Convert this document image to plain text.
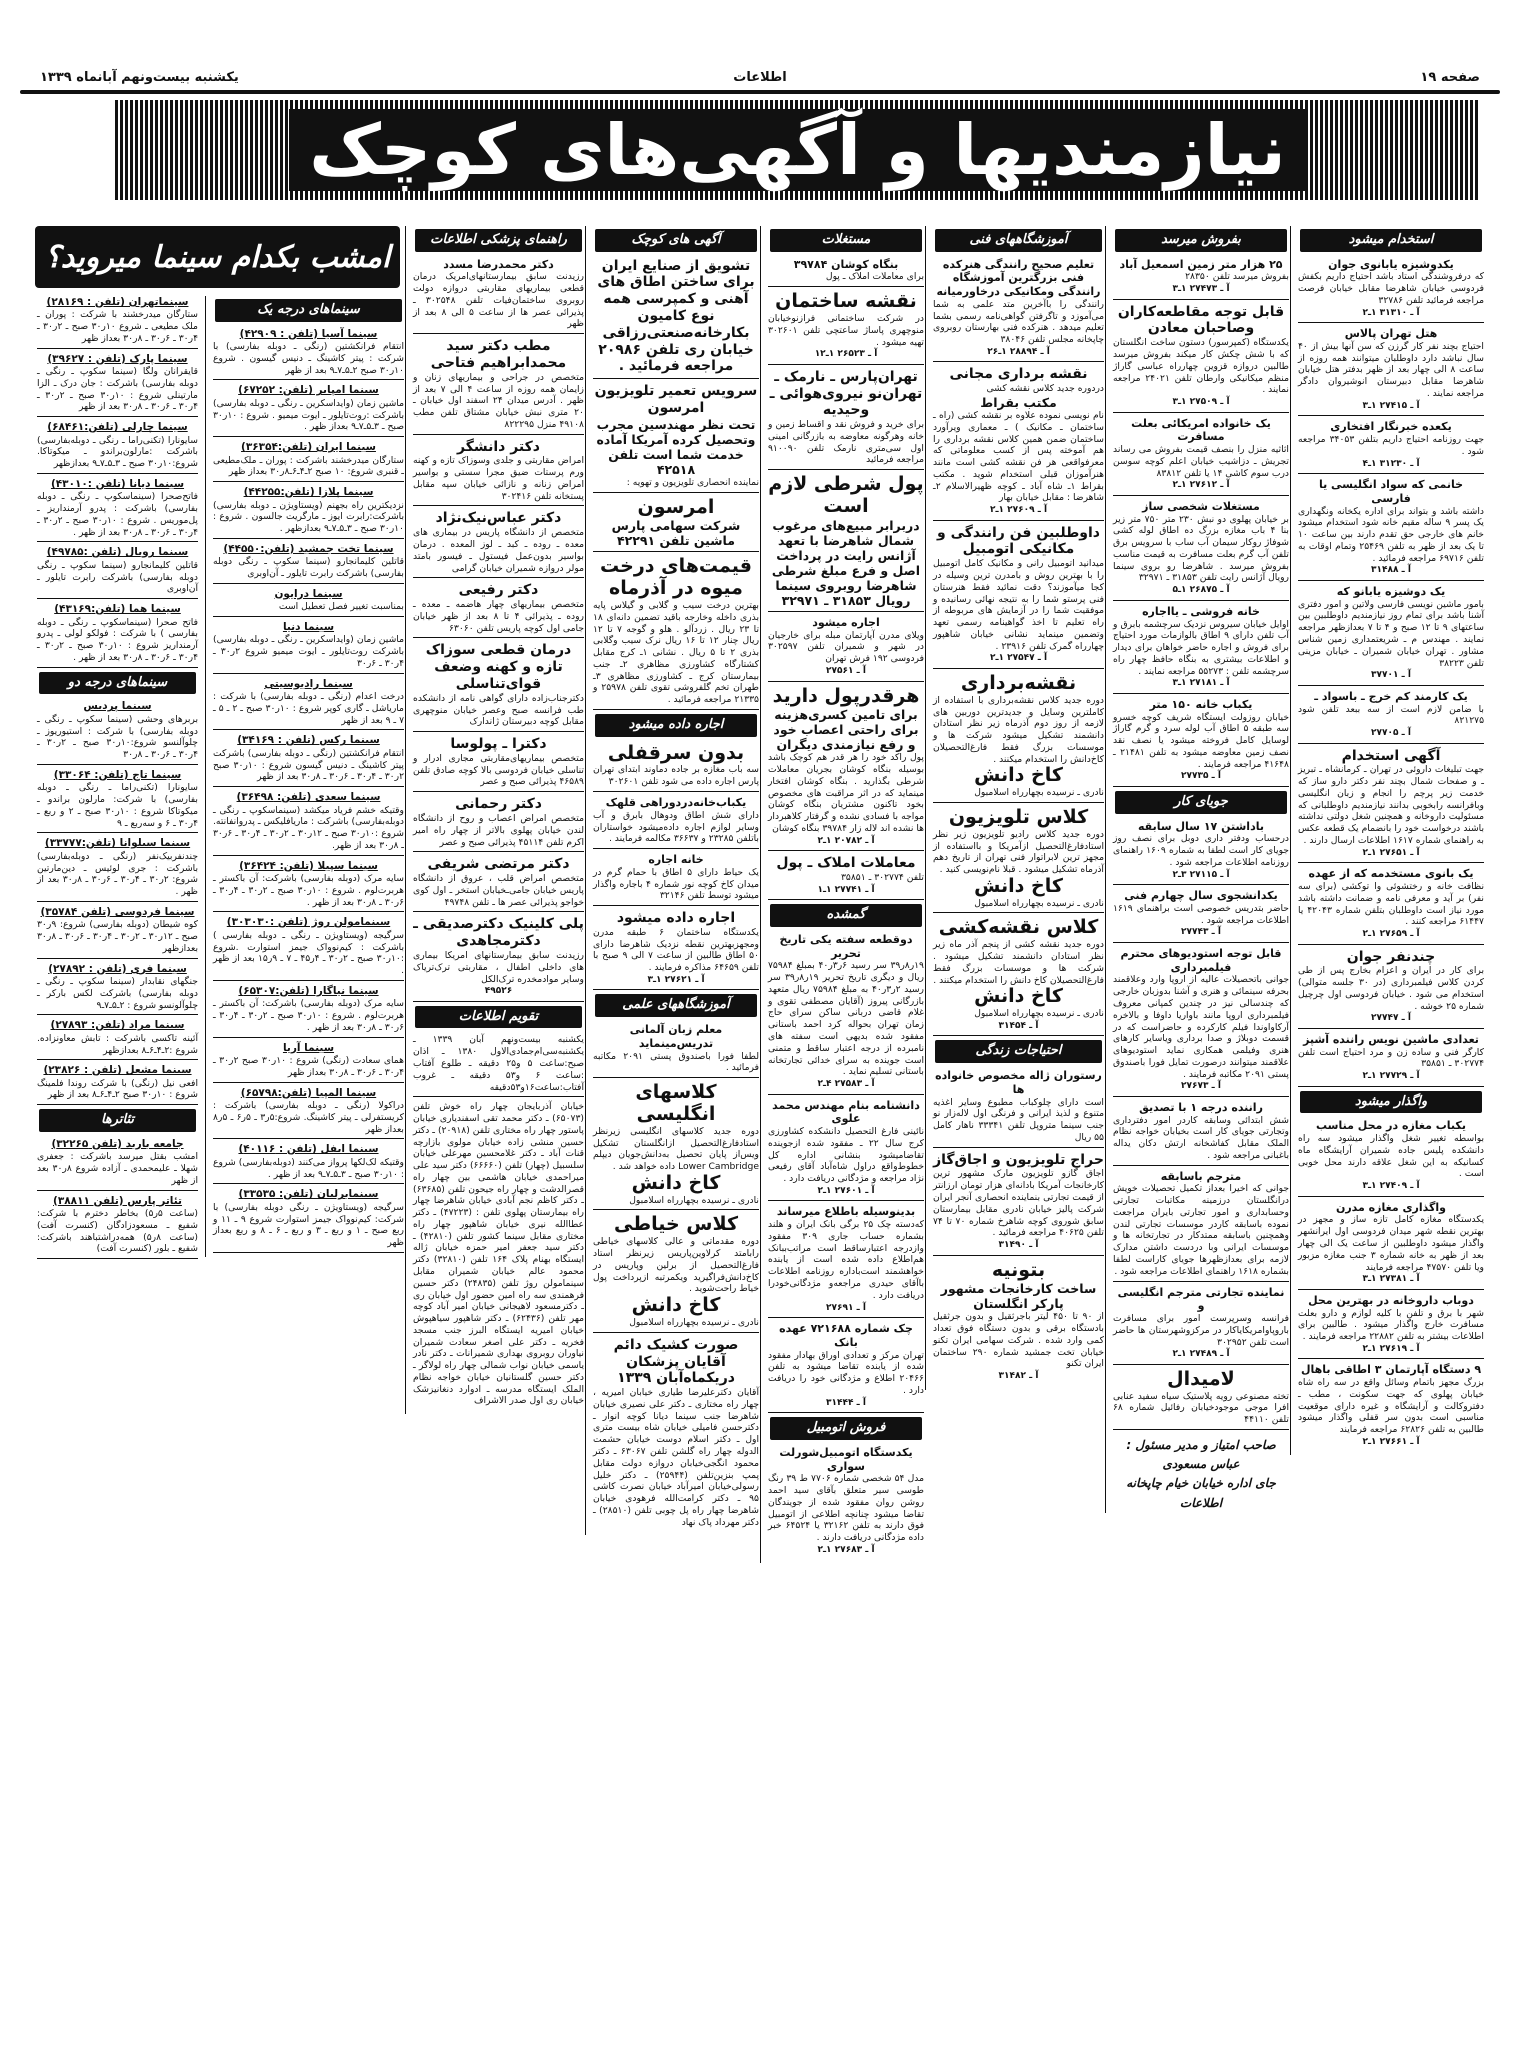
صفحه ۱۹
اطلاعات
یکشنبه بیست‌ونهم آبانماه ۱۳۳۹
نیازمندیها و آگهی‌های کوچک
امشب بکدام سینما میروید؟	استخدام میشود
یکدوشیزه یابانوی جوان
که درفروشندگی استاد باشد احتیاج داریم بکفش فردوسی خیابان شاهرضا مقابل خیابان فرصت مراجعه فرمائید تلفن ۳۲۷۸۶
آ ـ ۳۱۳۱۰ ۱ـ۲
هتل تهران پالاس
احتیاج بچند نفر کار گرزن که سن آنها بیش از ۴۰ سال نباشد دارد داوطلبان میتوانند همه روزه از ساعت ۸ الی چهار بعد از ظهر بدفتر هتل خیابان شاهرضا مقابل دبیرستان انوشیروان دادگر مراجعه نمایند .
آ ـ ۲۷۴۱۵ ۱ـ۳
یکعده خبرنگار افتخاری
جهت روزنامه احتیاج داریم بتلفن ۳۴۰۵۳ مراجعه شود .
آ ـ ۳۱۲۳۰ ۱ـ۴
خانمی که سواد انگلیسی یا فارسی
داشته باشد و بتواند برای اداره یکخانه ونگهداری یک پسر ۹ ساله مقیم خانه شود استخدام میشود خانم های خارجی حق تقدم دارند بین ساعت ۱۰ تا یک بعد از ظهر به تلفن ۲۵۴۶۹ وتمام اوقات به تلفن ۶۹۷۱۶ مراجعه فرمائید .
آ ـ ۳۱۴۸۸
یک دوشیزه یابانو که
بامور ماشین نویسی فارسی ولاتین و امور دفتری آشنا باشد برای تمام روز نیازمندیم داوطلبین بین ساعتهای ۹ تا ۱۲ صبح و ۴ تا ۷ بعدازظهر مراجعه نمایند . مهندس م ـ شریعتمداری زمین شناس مشاور . تهران خیابان شمیران ـ خیابان مزینی تلفن ۳۸۲۲۳
آ ـ ۳۷۷۰۱
یک کارمند کم خرج ـ باسواد ـ
با ضامن لازم است از سه ببعد تلفن شود ۸۲۱۲۷۵
آ ـ ۲۷۷۰۵
آگهی استخدام
جهت تبلیغات داروئی در تهران ـ کرمانشاه ـ تبریز ـ و صفحات شمال بچند نفر دکتر دارو ساز که خدمت زیر پرچم را انجام و زبان انگلیسی وبافرانسه رابخوبی بدانند نیازمندیم داوطلبانی که مسئولیت داروخانه و همچنین شغل دولتی نداشته باشند درخواست خود را بانضمام یک قطعه عکس به راهنمای شماره ۱۶۱۷ اطلاعات ارسال دارند .
آ ـ ۲۷۶۵۱ ۱ـ۲
یک بانوی مستخدمه که از عهده
نظافت خانه و رختشوئی وا توکشی (برای سه نفر) بر آید و معرفی نامه و ضمانت داشته باشد مورد نیاز است داوطلبان بتلفن شماره ۴۲۰۴۳ یا ۶۱۴۴۷ مراجعه کنند .
آ ـ ۲۷۶۵۹ ۱ـ۲
چندنفر جوان
برای کار در ایران و اعزام بخارج پس از طی کردن کلاس فیلمبرداری (در ۳۰ جلسه متوالی) استخدام می شود . خیابان فردوسی اول چرچیل شماره ۲۵ خوشه .
آ ـ ۲۷۷۴۷
تعدادی ماشین نویس راننده آشپز
کارگر فنی و ساده زن و مرد احتیاج است تلفن ۳۰۲۷۷۴ ـ ۳۵۸۵۱
آ ـ ۲۷۷۲۹ ۱ـ۲
واگذار میشود
یکباب مغازه در محل مناسب
بواسطه تغییر شغل واگذار میشود سه راه دانشکده پلیس جاده شمیران آرایشگاه ماه کسانیکه به این شغل علاقه دارند محل خوبی است .
آ ـ ۲۷۴۰۹ ۱ـ۳
واگذاری مغازه مدرن
یکدستگاه مغازه کامل تازه ساز و مجهز در بهترین نقطه شهر میدان فردوسی اول ایرانشهر واگذار میشود داوطلبین از ساعت یک الی چهار بعد از ظهر به خانه شماره ۳ جنب مغازه مزبور ویا تلفن ۴۷۵۷۰ مراجعه فرمایند
آ ـ ۲۷۳۸۱ ۱ـ۳
دوباب داروخانه در بهترین محل
شهر با برق و تلفن با کلیه لوازم و دارو بعلت مسافرت خارج واگذار میشود . طالبین برای اطلاعات بیشتر به تلفن ۲۲۸۸۲ مراجعه فرمایند .
آ ـ ۲۷۶۱۹ ۱ـ۲
۹ دستگاه آپارتمان ۳ اطاقی باهال
بزرگ مجهز باتمام وسائل واقع در سه راه شاه خیابان پهلوی که جهت سکونت ، مطب ـ دفتروکالت و آرایشگاه و غیره دارای موقعیت مناسبی است بدون سر قفلی واگذار میشود طالبین به تلفن ۶۲۸۲۶ مراجعه فرمایند
آ ـ ۲۷۶۶۱ ۱ـ۲
بفروش میرسد
۲۵ هزار متر زمین اسمعیل آباد
بفروش میرسد تلفن ۲۸۳۵۰
آ ـ ۲۷۴۷۳ ۱ـ۳
قابل توجه مقاطعه‌کاران وصاحبان معادن
یکدستگاه (کمپرسور) دستون ساخت انگلستان که با شش چکش کار میکند بفروش میرسد طالبین دروازه قزوین چهارراه عباسی گاراژ منظم میکانیکی وارطان تلفن ۲۴۰۲۱ مراجعه نمایند .
آ ـ ۲۷۵۰۹ ۱ـ۳
یک خانواده امریکائی بعلت مسافرت
اثاثیه منزل را بنصف قیمت بفروش می رساند تجریش ـ دزاشیب خیابان اعلم کوچه سوسن درب سوم کاشی ۱۴ یا تلفن ۸۳۸۱۲
آ ـ ۲۷۶۱۲ ۱ـ۲
مستغلات شخصی ساز
بر خیابان پهلوی دو نبش ۲۳۰ متر ۷۵۰ متر زیر بنا ۴ باب مغازه بزرگ ده اطاق لوله کشی شوفاژ روکار سیمان آب ساب با سرویس برق تلفن آب گرم بعلت مسافرت به قیمت مناسب بفروش میرسد . شاهرضا رو بروی سینما رویال آژانس رایت تلفن ۳۱۸۵۳ ـ ۳۲۹۷۱
آ ـ ۲۶۸۷۵ ۱ـ۵
خانه فروشی ـ یااجاره
اوایل خیابان سیروس نزدیک سرچشمه بابرق و آب تلفن دارای ۹ اطاق بالوازمات مورد احتیاج برای فروش و اجاره حاضر خواهان برای دیدار و اطلاعات بیشتری به بنگاه حافظ چهار راه سرچشمه تلفن : ۵۵۲۷۳ مراجعه نمایند .
آ ـ ۲۷۱۸۱ ۱ـ۳
یکباب خانه ۱۵۰ متر
خیابان روزولت ایستگاه شریف کوچه خسرو سه طبقه ۵ اطاق آب لوله سرد و گرم گاراژ لوسایل کامل فروخته میشود یا نصف نقد نصف زمین معاوضه میشود به تلفن ۲۱۴۸۱ ـ ۴۱۶۴۸ مراجعه فرمایند .
آ ـ ۲۷۷۳۵
جویای کار
باداشتن ۱۷ سال سابقه
درحساب ودفتر داری دوبل برای نصف روز جویای کار است لطفا به شماره ۱۶۰۹ راهنمای روزنامه اطلاعات مراجعه شود .
آ ـ ۲۷۱۱۵ ۳ـ۲
یکدانشجوی سال چهارم فنی
حاضر بتدریس خصوصی است براهنمای ۱۶۱۹ اطلاعات مراجعه شود .
آ ـ ۲۷۷۴۳
قابل توجه استودیوهای محترم فیلمبرداری
جوانی باتحصیلات عالیه از اروپا وارد وعلاقمند بحرفه سینمائی و هنری و آشنا بدوزبان خارجی که چندسالی نیز در چندین کمپانی معروف فیلمبرداری اروپا مانند باواریا داوفا و بالاخره آرکاواوندا فیلم کارکرده و حاضراست که در قسمت دوبلاژ و صدا برداری ویاسایر کارهای هنری وفیلمی همکاری نماید استودیوهای علاقمند میتوانند درصورت تمایل فورا باصندوق پستی ۲۰۹۱ مکاتبه فرمایند .
آ ـ ۲۷۶۷۳
راننده درجه ۱ با تصدیق
شش ابتدائی وسابقه کاردر امور دفترداری وتجارتی جویای کار است بخیابان خواجه نظام الملک مقابل کفاشخانه ارتش دکان یداله باغبانی مراجعه شود .
مترجم باسابقه
جوانی که اخیرا بعداز تکمیل تحصیلات خویش درانگلستان درزمینه مکاتبات تجارتی وحسابداری و امور تجارتی بایران مراجعت نموده باسابقه کاردر موسسات تجارتی لندن وهمچنین باسابقه ممتدکار در تجارتخانه ها و موسسات ایرانی وبا دردست داشتن مدارک لازمه برای بعدازظهرها جویای کاراست لطفا بشماره ۱۶۱۸ راهنمای اطلاعات مراجعه شود .
نماینده تجارتی مترجم انگلیسی و
فرانسه وسرپرست امور برای مسافرت باروپاوامریکایاکار در مرکزوشهرستان ها حاضر است تلفن ۳۰۲۹۵۲
آ ـ ۲۷۴۸۹ ۱ـ۲
لامیدال
تخته مصنوعی رویه پلاستیک سیاه سفید عنابی افرا موجی موجودخیابان رفائیل شماره ۶۸ تلفن ۴۴۱۱۰
صاحب امتیاز و مدیر مسئول : عباس مسعودی
جای اداره خیابان خیام چاپخانه اطلاعات
آموزشگاههای فنی
تعلیم صحیح رانندگی هنرکده فنی بزرگترین آموزشگاه رانندگی ومکانیکی درخاورمیانه
رانندگی را باآخرین متد علمی به شما می‌آموزد و تاگرفتن گواهی‌نامه رسمی بشما تعلیم میدهد . هنرکده فنی بهارستان روبروی چاپخانه مجلس تلفن ۳۸۰۴۶
آ ـ ۲۸۸۹۴ ۱ـ۲۶
نقشه برداری مجانی
دردوره جدید کلاس نقشه کشی
مکتب بقراط
نام نویسی نموده علاوه بر نقشه کشی (راه ـ ساختمان ـ مکانیک ) ـ معماری ویرآورد ساختمان ضمن همین کلاس نقشه برداری را هم آموخته پس از کسب معلوماتی که معرفواقعی هر فن نقشه کشی است مانند هنرآموزان قبلی استخدام شوید . مکتب بقراط ۱ـ شاه آباد ـ کوچه ظهیرالاسلام ۲ـ شاهرضا : مقابل خیابان بهار
آ ـ ۲۷۶۰۹ ۱ـ۲
داوطلبین فن رانندگی و مکانیکی اتومبیل
میدانید اتومبیل رانی و مکانیک کامل اتومبیل را با بهترین روش و بامدرن ترین وسیله در کجا میآموزند؟ دقت نمائید فقط هنرستان فنی پرستو شما را به نتیجه نهائی رسانیده و موفقیت شما را در آزمایش های مربوطه از راه تعلیم تا اخذ گواهینامه رسمی تعهد وتضمین مینماید نشانی خیابان شاهپور چهارراه گمرک تلفن ۲۳۹۱۶ .
آ ـ ۲۷۵۴۷ ۱ـ۲
نقشه‌برداری
دوره جدید کلاس نقشه‌برداری با استفاده از کاملترین وسایل و جدیدترین دوربین های لازمه از روز دوم آذرماه زیر نظر استادان دانشمند تشکیل میشود شرکت ها و موسسات بزرگ فقط فارغ‌التحصیلان کاخ‌دانش را استخدام میکنند .
کاخ دانش
نادری ـ نرسیده بچهارراه اسلامبول
کلاس تلویزیون
دوره جدید کلاس رادیو تلویزیون زیر نظر استادفارغ‌التحصیل ازآمریکا و بااستفاده از مجهز ترین لابراتوار فنی تهران از تاریخ دهم آذرماه تشکیل میشود . قبلا نام‌نویسی کنید .
کاخ دانش
نادری ـ نرسیده بچهارراه اسلامبول
کلاس نقشه‌کشی
دوره جدید نقشه کشی از پنجم آذر ماه زیر نظر استادان دانشمند تشکیل میشود . شرکت ها و موسسات بزرگ فقط فارغ‌التحصیلان کاخ دانش را استخدام میکنند .
کاخ دانش
نادری ـ نرسیده بچهارراه اسلامبول
آ ـ ۳۱۴۵۴
احتیاجات زندگی
رستوران ژاله مخصوص خانواده ها
است دارای چلوکباب مطبوع وسایر اغذیه متنوع و لذیذ ایرانی و فرنگی اول لاله‌زار نو جنب سینما متروپل تلفن ۳۳۳۴۱ ناهار کامل ۵۵ ریال
حراج تلویزیون و اجاق‌گاز
اجاق گازو تلویزیون مارک مشهور ترین کارخانجات آمریکا بادانه‌ای هزار تومان ارزانتر از قیمت تجارتی بنماینده انحصاری آنجر ایران شرکت پالیز خیابان نادری مقابل بیمارستان سابق شوروی کوچه شاهرخ شماره ۷۰ تا ۷۴ تلفن ۴۰۶۲۵ مراجعه فرمائید .
آ ـ ۳۱۴۹۰
بتونیه
ساخت کارخانجات مشهور پارکر انگلستان
از ۹۰ تا ۴۵۰ لیتر باجرثقیل و بدون جرثقیل بادستگاه برقی و بدون دستگاه فوق تعداد کمی وارد شده . شرکت سهامی ایران تکنو خیابان تخت جمشید شماره ۲۹۰ ساختمان ایران تکنو
آ ـ ۳۱۴۸۲
مستغلات
بنگاه کوشان ۳۹۷۸۴
برای معاملات املاک ـ پول
نقشه ساختمان
در شرکت ساختمانی فرازنوخیابان منوچهری پاساژ ساعتچی تلفن ۳۰۲۶۰۱ تهیه میشود .
آ ـ ۲۶۵۲۳ ۱ـ۱۲
تهران‌پارس ـ نارمک ـ تهران‌نو نیروی‌هوائی ـ وحیدیه
برای خرید و فروش نقد و اقساط زمین و خانه وهرگونه معاوضه به بازرگانی امینی اول سی‌متری نارمک تلفن ۹۱۰۰۹۰ مراجعه فرمائید
پول شرطی لازم است
دربرابر مبیع‌های مرغوب شمال شاهرضا با تعهد آژانس رایت در پرداخت اصل و فرع مبلغ شرطی شاهرضا روبروی سینما رویال ۳۱۸۵۳ ـ ۳۲۹۷۱
اجاره میشود
ویلای مدرن آپارتمان مبله برای خارجیان در شهر و شمیران تلفن ۳۰۲۵۹۷ فردوسی ۱۹۲ فرش تهران
آ ـ ۲۷۵۶۱
هرقدرپول دارید
برای تامین کسری‌هزینه برای راحتی اعصاب خود و رفع نیازمندی دیگران
پول راکد خود را هر قدر هم کوچک باشد بوسیله بنگاه کوشان بجریان معاملات شرطی بگذارید . بنگاه کوشان افتخار مینماید که در اثر مراقبت های مخصوص بخود تاکنون مشتریان بنگاه کوشان مواجه با فسادی نشده و گرفتار کلاهبردار ها نشده اند لاله زار ۳۹۷۸۴ بنگاه کوشان
آ ـ ۲۰۷۸۲ ۱ـ۲
معاملات املاک ـ پول
تلفن ۳۰۲۷۷۴ ـ ۳۵۸۵۱
آ ـ ۲۷۷۴۱ ۱ـ۱
گمشده
دوقطعه سفته یکی تاریخ تحریر
۱۹ر۸ر۳۹ سر رسید ۶ر۳ر۴۰ بمبلغ ۷۵۹۸۴ ریال و دیگری تاریخ تحریر ۱۹ر۸ر۳۹ سر رسید ۲ر۳ر۴۰ به مبلغ ۷۵۹۸۴ ریال متعهد بازرگانی پیروز (آقایان مصطفی تقوی و غلام قاضی دربانی ساکن سرای حاج زمان تهران بحواله کرد احمد باستانی مفقود شده بدیهی است سفته های نامبرده از درجه اعتبار ساقط و متمنی است جوینده به سرای خدائی تجارتخانه باستانی تسلیم نماید .
آ ـ ۲۷۵۸۳ ۴ـ۲
دانشنامه بنام مهندس محمد علوی
نائینی فارغ التحصیل دانشکده کشاورزی کرج سال ۲۲ ـ مفقود شده ازجوینده تقاضامیشود بنشانی اداره کل خطوط‌واقع دراول شاه‌آباد آقای رفیعی نژاد مراجعه و مژدگانی دریافت دارد .
آ ـ ۲۷۶۰۱ ۱ـ۲
بدینوسیله باطلاع میرساند
که‌دسته چک ۲۵ برگی بانک ایران و هلند بشماره حساب جاری ۳۰۹ مفقود وازدرجه اعتبارساقط است مراتب‌ببانک هم‌اطلاع داده شده است از یابنده خواهشمند است‌باداره روزنامه اطلاعات باآقای حیدری مراجعه‌و مژدگانی‌خودرا دریافت دارد .
آ ـ ۲۷۶۹۱
چک شماره ۷۲۱۶۸۸ عهده بانک
تهران مرکز و تعدادی اوراق بهادار مفقود شده از یابنده تقاضا میشود به تلفن ۲۰۴۶۶ اطلاع و مژدگانی خود را دریافت دارد .
آ ـ ۳۱۴۴۴
فروش اتومبیل
یکدستگاه اتومبیل‌شورلت سواری
مدل ۵۴ شخصی شماره ۷۷۰۶ ط ۳۹ رنگ طوسی سیر متعلق بآقای سید احمد روشن روان مفقود شده از جویندگان تقاضا میشود چنانچه اطلاعی از اتومبیل فوق دارند به تلفن ۳۲۱۶۲ یا ۶۴۵۲۴ خبر داده مژدگانی دریافت دارند .
آ ـ ۲۷۶۸۳ ۱ـ۲
آگهی های کوچک
تشویق از صنایع ایران برای ساختن اطاق های آهنی و کمپرسی همه نوع کامیون بکارخانه‌صنعتی‌رزاقی خیابان ری تلفن ۲۰۹۸۶ مراجعه فرمائید .
سرویس تعمیر تلویزیون امرسون
تحت نظر مهندسین مجرب وتحصیل کرده آمریکا آماده خدمت شما است تلفن ۴۲۵۱۸
نماینده انحصاری تلویزیون و تهویه :
امرسون
شرکت سهامی پارس ماشین تلفن ۴۲۲۹۱
قیمت‌های درخت میوه در آذرماه
بهترین درخت سیب و گلابی و گیلاس پایه بذری داخله وخارجه باقید تضمین دانه‌ای ۱۸ تا ۲۳ ریال . زردآلو . هلو و گوجه ۷ تا ۱۲ ریال چنار ۱۲ تا ۱۶ ریال نرک سیب وگلابی بذری ۲ تا ۵ ریال . نشانی ۱ـ کرج مقابل کشتارگاه کشاورزی مظاهری ۲ـ جنب بیمارستان کرج ـ کشاورزی مظاهری ۳ـ طهران تخم گلفروشی تقوی تلفن ۲۵۹۷۸ و ۲۱۳۳۵ مراجعه فرمائید .
اجاره داده میشود
بدون سرقفلی
سه باب مغازه بر جاده دماوند ابتدای تهران پارس اجاره داده می شود تلفن ۳۰۲۶۰۱
یکباب‌خانه‌دردوراهی قلهک
دارای شش اطاق ودوهال بابرق و آب وسایر لوازم اجاره داده‌میشود خواستاران باتلفن ۲۳۲۸۵ و ۳۶۶۳۷ مکالمه فرمایند .
خانه اجاره
یک حیاط دارای ۵ اطاق با حمام گرم در میدان کاخ کوچه نور شماره ۴ باجاره واگذار میشود توسط تلفن ۳۲۱۴۶
اجاره داده میشود
یکدستگاه ساختمان ۶ طبقه مدرن ومجهزبهترین نقطه نزدیک شاهرضا دارای ۵۰ اطاق طالبین از ساعت ۷ الی ۹ صبح با تلفن ۶۴۶۵۹ مذاکره فرمایند .
آ ـ ۲۷۶۲۱ ۱ـ۳
آموزشگاههای علمی
معلم زبان آلمانی تدریس‌مینماید
لطفا فورا باصندوق پستی ۲۰۹۱ مکاتبه فرمائید .
کلاسهای انگلیسی
دوره جدید کلاسهای انگلیسی زیرنظر استادفارغ‌التحصیل ازانگلستان تشکیل ویس‌از پایان تحصیل به‌دانش‌جویان دیپلم Lower Cambridge داده خواهد شد .
کاخ دانش
نادری ـ نرسیده بچهارراه اسلامبول
کلاس خیاطی
دوره مقدماتی و عالی کلاسهای خیاطی رابامتد کرلاوین‌پاریس زیرنظر استاد فارغ‌التحصیل از برلین وپاریس در کاخ‌دانش‌فراگیرید ویکمرتبه ازپرداخت پول خیاط راحت‌شوید .
کاخ دانش
نادری ـ نرسیده بچهارراه اسلامبول
صورت کشیک دائم آقایان پزشکان دریکماه‌آبان ۱۳۳۹
آقایان دکترعلیرضا طیاری خیابان امیریه ، چهار راه مختاری ـ دکتر علی نصیری خیابان شاهرضا جنب سینما دیانا کوچه انوار ـ دکترحسن فامیلی خیابان شاه بیست متری اول ـ دکتر اسلام دوست خیابان حشمت الدوله چهار راه گلشن تلفن ۶۳۰۶۷ ـ دکتر محمود انگجی‌خیابان دروازه دولت مقابل پمپ بنزین‌تلفن (۲۵۹۴۴) ـ دکتر خلیل رسولی‌خیابان امیرآباد خیابان نصرت کاشی ۹۵ ـ دکتر کرامت‌الله فرهودی خیابان شاهرضا چهار راه پل چوبی تلفن (۲۸۵۱۰) ـ دکتر مهرداد پاک نهاد
راهنمای پزشکی اطلاعات
دکتر محمدرضا مسدد
رزیدنت سابق بیمارستانهای‌امریک درمان قطعی بیماریهای مقاربتی دروازه دولت روبروی ساختمان‌فیات تلفن ۳۰۲۵۴۸ ـ پذیرائی عصر ها از ساعت ۵ الی ۸ بعد از ظهر
مطب دکتر سید محمدابراهیم فتاحی
متخصص در جراحی و بیماریهای زنان و زایمان همه روزه از ساعت ۴ الی ۷ بعد از ظهر . آدرس میدان ۲۴ اسفند اول خیابان ـ ۲۰ متری نبش خیابان مشتاق تلفن مطب ۴۹۱۰۸ منزل ۸۲۲۲۹۵
دکتر دانشگر
امراض مقاربتی و جلدی وسوزاک تازه و کهنه ورم پرستات ضیق مجرا سستی و بواسیر امراض زنانه و نازائی خیابان سپه مقابل پستخانه تلفن ۳۰۲۴۱۶
دکتر عباس‌نیک‌نژاد
متخصص از دانشگاه پاریس در بیماری های معده ـ روده ـ کبد ـ لوز المعده . درمان بواسیر بدون‌عمل فیستول ـ فیسور بامتد مولر دروازه شمیران خیابان گرامی
دکتر رفیعی
متخصص بیماریهای چهار هاضمه ـ معده ـ روده ـ پذیرائی ۴ تا ۸ بعد از ظهر خیابان جامی اول کوچه پاریس تلفن ۶۳۰۶۰
درمان قطعی سوزاک تازه و کهنه وضعف قوای‌تناسلی
دکترجناب‌زاده دارای گواهی نامه از دانشکده طب فرانسه صبح وعصر خیابان منوچهری مقابل کوچه دبیرستان ژاندارک
دکترا ـ پولوسا
متخصص بیماریهای‌مقاربتی مجاری ادرار و تناسلی خیابان فردوسی بالا کوچه صادق تلفن ۴۶۵۸۹ پذیرائی صبح و عصر
دکتر رحمانی
متخصص امراض اعصاب و روح از دانشگاه لندن خیابان پهلوی بالاتر از چهار راه امیر اکرم تلفن ۴۵۱۱۴ پذیرائی صبح و عصر
دکتر مرتضی شریفی
متخصص امراض قلب ، عروق از دانشگاه پاریس خیابان جامی‌ـخیابان استخر ـ اول کوی خواجو پذیرائی عصر ها ـ تلفن ۴۹۷۴۸
پلی کلینیک دکترصدیقی ـ دکترمجاهدی
رزیدنت سابق بیمارستانهای امریکا بیماری های داخلی اطفال ، مقاربتی ترک‌تریاک وسایر موادمخدره ترک‌الکل
۴۹۵۲۶
تقویم اطلاعات
یکشنبه بیست‌ونهم آبان ۱۳۳۹ ـ یکشنبه‌سی‌ام‌جمادی‌الاول ۱۳۸۰ ـ اذان صبح:ساعت ۵ و۲۵ دقیقه ـ طلوع آفتاب :ساعت ۶ و۵۳ دقیقه ـ غروب آفتاب:ساعت۱۶و۵۳دقیقه
خیابان آذربایجان چهار راه خوش تلفن (۶۵۰۷۳) ـ دکتر محمد تقی اسفندیاری خیابان پاستور چهار راه مختاری تلفن (۲۰۹۱۸) ـ دکتر حسین منشی زاده خیابان مولوی بازارچه قنات آباد ـ دکتر غلامحسین مهرعلی خیابان سلسبیل (چهار) تلفن (۶۶۶۶۰) دکتر سید علی میراحمدی خیابان هاشمی بین چهار راه قصرالدشت و چهار راه جیحون تلفن (۶۳۶۸۵) ـ دکتر کاظم نجم آبادی خیابان شاهرضا چهار راه بیمارستان پهلوی تلفن : (۴۷۲۲۳) ـ دکتر عطاالله نیری خیابان شاهپور چهار راه مختاری مقابل سینما کشور تلفن (۴۲۸۱۰) ـ دکتر سید جعفر امیر حمزه خیابان ژاله ایستگاه بهنام پلاک ۱۶۴ تلفن (۳۲۸۱۰) دکتر محمود عالم خیابان شمیران مقابل سینمامولن روژ تلفن (۲۴۸۳۵) دکتر حسین فرهمندی سه راه امین حضور اول خیابان ری ـ دکترمسعود لاهیجانی خیابان امیر آباد کوچه مهر تلفن (۶۲۴۳۶) ـ دکتر شاهپور سیاهپوش خیابان امیریه ایستگاه البرز جنب مسجد فخریه ـ دکتر علی اصغر سعادت شمیران نیاوران روبروی بهداری شمیرانات ـ دکتر نادر یاسمی خیابان نواب شمالی چهار راه لولاگر ـ دکتر حسین گلستانیان خیابان خواجه نظام الملک ایستگاه مدرسه ـ ادوارد دنغانیزشک خیابان ری اول صدر الاشراف
سینماهای درجه یک
سینما آسیا (تلفن : ۴۲۹۰۹)
انتقام فرانکشتین (رنگی ـ دوبله بفارسی) با شرکت : پیتر کاشینگ ـ دنیس گیسون . شروع ۱۰ر۳۰ صبح ۲ـ۵ـ۷ـ۹ بعد از ظهر
سینما امپایر (تلفن: ۶۷۲۵۲)
ماشین زمان (وایداسکرین ـ رنگی ـ دوبله بفارسی) باشرکت :روت‌تایلور ـ ایوت میمیو . شروع : ۱۰ر۳۰ صبح ـ ۳ـ۵ـ۷ـ۹ بعداز ظهر .
سینما ایران (تلفن:۳۶۳۵۴)
ستارگان میدرخشند باشرکت : پوران ـ ملک‌مطیعی ـ قنبری شروع: ۱۰ صبح ۲ـ۴ـ۶ـ۸ر۳۰ بعداز ظهر
سینما پلازا (تلفن:۴۴۲۵۵)
نزدیکترین راه بجهنم (ویستاویژن ـ دوبله بفارسی) باشرکت:رابرت ایوز ـ مارگریت جالسون . شروع : ۱۰ر۳۰ صبح ـ ۳ـ۵ـ۷ـ۹ بعدازظهر .
سینما تخت جمشید (تلفن:۴۴۵۵۰)
قاتلین کلیمانجارو (سینما سکوپ ـ رنگی دوبله بفارسی) باشرکت رابرت تایلور ـ آن‌اوبری
سینما درایون
بمناسبت تغییر فصل تعطیل است
سینما دنیا
ماشین زمان (وایداسکرین ـ رنگی ـ دوبله بفارسی) باشرکت روت‌تایلور ـ ایوت میمیو شروع ۲ر۳۰ ـ ۴ر۳۰ ـ ۶ر۳۰
سینما رادیوسیتی
درخت اعدام (رنگی ـ دوبله بفارسی) با شرکت : ماریاشل ـ گاری کوپر شروع : ۱۰ر۳۰ صبح ـ ۲ ـ ۵ ـ ۷ ـ ۹ بعد از ظهر
سینما رکس (تلفن : ۳۴۱۶۹)
انتقام فرانکشتین (رنگی ـ دوبله بفارسی) باشرکت پیتر کاشینگ ـ دنیس گیسون شروع : ۱۰ر۳۰ صبح ۲ر۳۰ ـ ۴ر۳۰ ـ ۶ر۳۰ ـ ۸ر۳۰ بعد از ظهر
سینما سعدی (تلفن: ۳۶۴۹۸)
وقتیکه خشم فریاد میکشد (سینماسکوپ ـ رنگی ـ دوبله‌بفارسی) باشرکت : ماریافلیکس ـ پدروانفانته. شروع :۱۰ر۳۰ صبح ـ ۱۲ر۳۰ ـ ۲ر۳۰ ـ ۴ر۳۰ ـ ۶ر۳۰ ـ ۸ر۳۰ بعد از ظهر.
سینما سپیلا (تلفن: ۳۶۴۲۴)
سایه مرک (دوبله بفارسی) باشرکت: آن باکستر ـ هربرت‌لوم . شروع : ۱۰ر۳۰ صبح ـ ۲ر۳۰ ـ ۴ر۳۰ ـ ۶ر۳۰ ـ ۸ر۳۰ بعد از ظهر .
سینمامولن روژ (تلفن :۳۰۳۰۳۰)
سرگیجه (ویستاویژن ـ رنگی ـ دوبله بفارسی ) باشرکت : کیم‌نوواک جیمز استوارت .شروع :۱۰ر۳۰ صبح ـ ۲ر۳۰ ـ ۴ر۴۵ ـ ۷ ـ ۹ر۱۵ بعد از ظهر .
سینما نیاگارا (تلفن:۶۵۳۰۷)
سایه مرک (دوبله بفارسی) باشرکت: آن باکستر ـ هربرت‌لوم . شروع : ۱۰ر۳۰ صبح ـ ۲ر۳۰ ـ ۴ر۳۰ ـ ۶ر۳۰ ـ ۸ر۳۰ بعد از ظهر .
سینما آریا
همای سعادت (رنگی) شروع : ۱۰ر۳۰ صبح ۲ر۳۰ ـ ۴ر۳۰ ـ ۶ر۳۰ ـ ۸ر۳۰ بعداز ظهر
سینما المپیا (تلفن:۶۵۷۹۸)
دراکولا (رنگی ـ دوبله بفارسی) باشرکت : کریستفرلی ـ پیتر کاشینگ. شروع:۵ر۳ ـ ۵ر۶ ـ ۵ر۸ بعداز ظهر
سینما ایفل (تلفن : ۴۰۱۱۶)
وقتیکه لک‌لکها پرواز می‌کنند (دوبله‌بفارسی) شروع : ۱۰ر۳۰ صبح ـ ۳ـ۵ـ۷ـ۹ بعد از ظهر .
سینمابرلیان (تلفن: ۳۳۵۳۵)
سرگیجه (ویستاویژن ـ رنگی دوبله بفارسی) با شرکت: کیم‌نوواک جیمز استوارت شروع ۹ ـ ۱۱ و ربع صبح ـ ۱ و ربع ـ ۳ و ربع ـ ۶ ـ ۸ و ربع بعداز ظهر
سینماتهران (تلفن : ۲۸۱۶۹)
ستارگان میدرخشند با شرکت : پوران ـ ملک مطیعی ـ شروع ۱۰ر۳۰ صبح ـ ۲ر۳۰ ـ ۴ر۳۰ ـ ۶ر۳۰ ـ ۸ر۳۰ بعداز ظهر
سینما پارک (تلفن : ۳۹۶۲۷)
قایقرانان ولگا (سینما سکوپ ـ رنگی ـ دوبله بفارسی) باشرکت : جان درک ـ الزا مارتینلی شروع : ۱۰ر۳۰ صبح ـ ۲ر۳۰ ـ ۴ر۳۰ ـ ۶ر۳۰ ـ ۸ر۳۰ بعد از ظهر
سینما چارلی (تلفن:۶۸۴۶۱)
سایونارا (تکنی‌راما ـ رنگی ـ دوبله‌بفارسی) باشرکت :مارلون‌براندو ـ میکوتاکا. شروع:۱۰ر۳۰ صبح ـ ۳ـ۵ـ۷ـ۹ بعدازظهر
سینما دیانا (تلفن :۴۳۰۱۰)
فاتح‌صحرا (سینماسکوپ ـ رنگی ـ دوبله بفارسی) باشرکت : پدرو آرمنداریز ـ پل‌موریس . شروع : ۱۰ر۳۰ صبح ـ ۲ر۳۰ ـ ۴ر۳۰ ـ ۶ر۳۰ ـ ۸ر۳۰ بعد از ظهر .
سینما رویال (تلفن :۴۹۷۸۵)
قاتلین کلیمانجارو (سینما سکوپ ـ رنگی دوبله بفارسی) باشرکت رابرت تایلور ـ آن‌اوبری
سینما هما (تلفن:۴۳۱۶۹)
فاتح صحرا (سینماسکوپ ـ رنگی ـ دوبله بفارسی ) با شرکت : فولکو لولی ـ پدرو آرمنداریز شروع : ۱۰ر۳۰ صبح ـ ۲ر۳۰ ـ ۴ر۳۰ ـ ۶ر۳۰ ـ ۸ر۳۰ بعد از ظهر .
سینماهای درجه دو
سینما پردیس
بربرهای وحشی (سینما سکوپ ـ رنگی ـ دوبله بفارسی) با شرکت : استیوریوز ـ چلوآلنسو شروع:۱۰ر۳۰ صبح ـ ۲ر۳۰ ـ ۴ر۳۰ ـ ۶ر۳۰ ـ ۸ر۳۰
سینما تاج (تلفن: ۳۳۰۶۴)
سایونارا (تکنی‌راما ـ رنگی ـ دوبله بفارسی) با شرکت: مارلون براندو ـ میکوتاکا شروع : ۱۰ر۳۰ صبح ـ ۲ و ربع ـ ۴ر۳۰ ـ ۶ و سه‌ربع ـ ۹
سینما سیلوانا (تلفن:۳۳۷۷۷)
چندنفربیک‌نفر (رنگی ـ دوبله‌بفارسی) باشرکت : جری لوئیس ـ دین‌مارتین شروع: ۲ر۳۰ ـ ۴ر۳۰ ـ ۶ر۳۰ ـ ۸ر۳۰ بعد از ظهر .
سینما فردوسی (تلفن ۳۵۷۸۴)
کوه شیطان (دوبله بفارسی) شروع: ۹ر۳۰ صبح ـ ۱۲ر۳۰ ـ ۲ر۳۰ ـ ۴ر۳۰ ـ ۶ر۳۰ ـ ۸ر۳۰ بعدازظهر
سینما فری (تلفن : ۲۷۸۹۲)
جنگهای نقابدار (سینما سکوپ ـ رنگی ـ دوبله بفارسی) باشرکت لکس بارکر ـ چلوآلونسو شروع : ۲ـ۵ـ۷ـ۹
سینما مراد (تلفن: ۲۷۸۹۳)
آئینه تاکسی باشرکت : تابش معاونزاده. شروع :۲ـ۴ـ۶ـ۸ بعدازظهر
سینما مشعل (تلفن : ۲۳۸۲۶)
افعی نیل (رنگی) با شرکت روندا فلمینگ شروع : ۱۰ر۳۰ صبح ۲ـ۴ـ۶ـ۸ بعد از ظهر
تئاترها
جامعه باربد (تلفن ۳۲۲۶۵)
امشب بقتل میرسد باشرکت : جعفری شهلا ـ علیمحمدی ـ آزاده شروع ۸ر۳۰ بعد از ظهر
تئاتر پارس (تلفن ۳۸۸۱۱)
(ساعت ۵ر۵) بخاطر دخترم با شرکت: شفیع ـ مسعودزادگان (کنسرت آفت) (ساعت ۸ر۵) همه‌دراشتباهند باشرکت: شفیع ـ بلور (کنسرت آفت)
